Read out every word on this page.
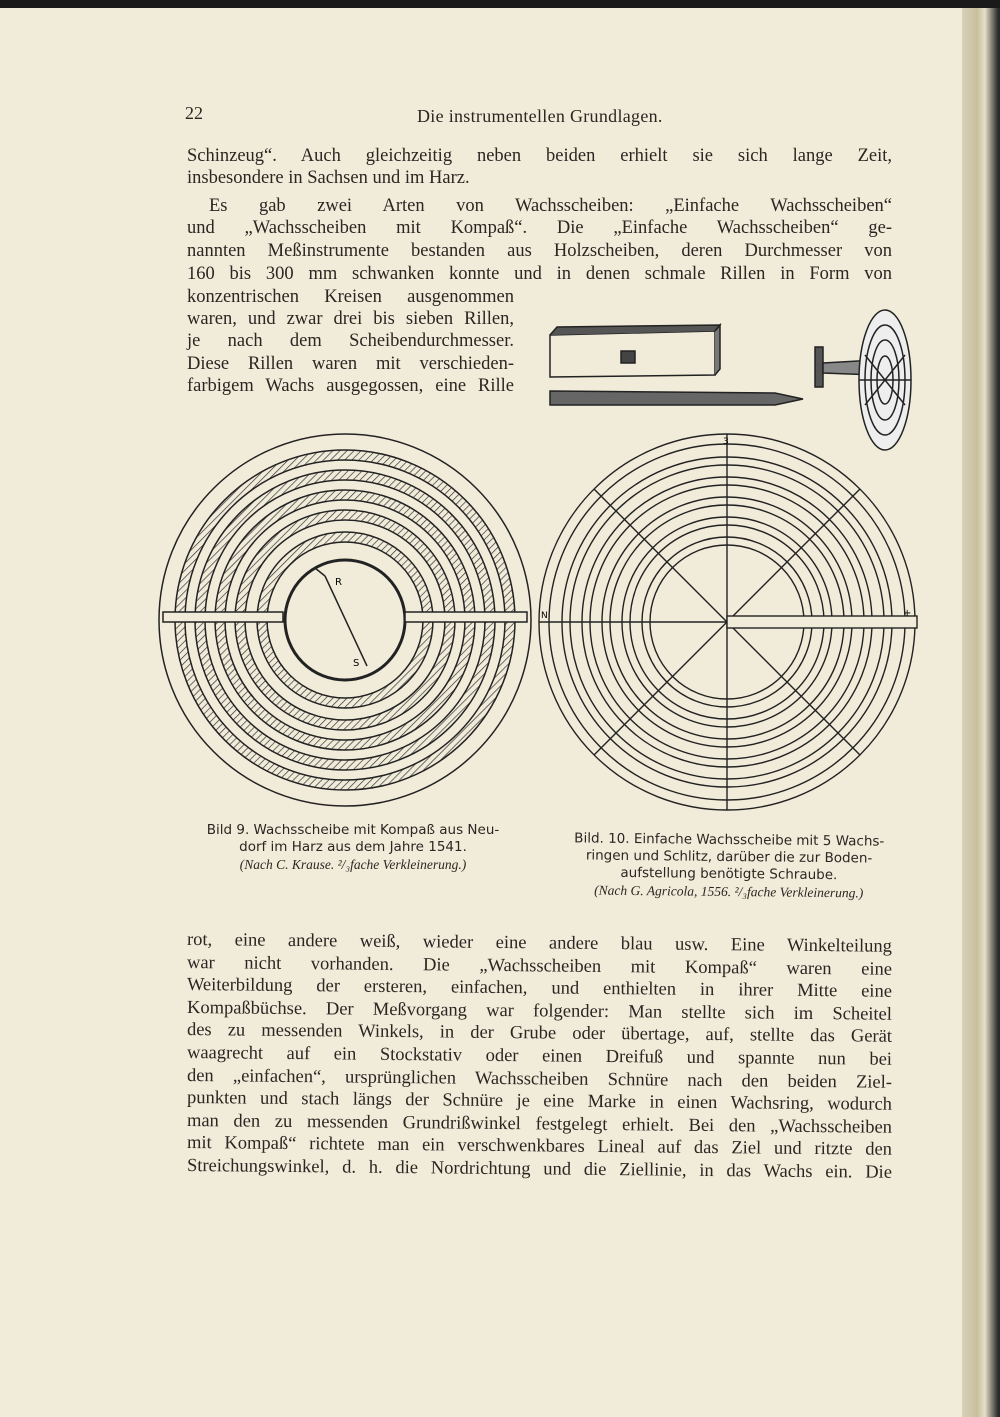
22	Die instrumentellen Grundlagen.
Schinzeug“. Auch gleichzeitig neben beiden erhielt sie sich lange Zeit,
insbesondere in Sachsen und im Harz.
Es gab zwei Arten von Wachsscheiben: „Einfache Wachsscheiben“
und „Wachsscheiben mit Kompaß“. Die „Einfache Wachsscheiben“ ge-
nannten Meßinstrumente bestanden aus Holzscheiben, deren Durchmesser von
160 bis 300 mm schwanken konnte und in denen schmale Rillen in Form von
konzentrischen Kreisen ausgenommen
waren, und zwar drei bis sieben Rillen,
je nach dem Scheibendurchmesser.
Diese Rillen waren mit verschieden-
farbigem Wachs ausgegossen, eine Rille
rot, eine andere weiß, wieder eine andere blau usw. Eine Winkelteilung
war nicht vorhanden. Die „Wachsscheiben mit Kompaß“ waren eine
Weiterbildung der ersteren, einfachen, und enthielten in ihrer Mitte eine
Kompaßbüchse. Der Meßvorgang war folgender: Man stellte sich im Scheitel
des zu messenden Winkels, in der Grube oder übertage, auf, stellte das Gerät
waagrecht auf ein Stockstativ oder einen Dreifuß und spannte nun bei
den „einfachen“, ursprünglichen Wachsscheiben Schnüre nach den beiden Ziel-
punkten und stach längs der Schnüre je eine Marke in einen Wachsring, wodurch
man den zu messenden Grundrißwinkel festgelegt erhielt. Bei den „Wachsscheiben
mit Kompaß“ richtete man ein verschwenkbares Lineal auf das Ziel und ritzte den
Streichungswinkel, d. h. die Nordrichtung und die Ziellinie, in das Wachs ein. Die
R
S
3
N	+
Bild 9. Wachsscheibe mit Kompaß aus Neu-
dorf im Harz aus dem Jahre 1541.
(Nach C. Krause. ²/₃fache Verkleinerung.)
Bild. 10. Einfache Wachsscheibe mit 5 Wachs-
ringen und Schlitz, darüber die zur Boden-
aufstellung benötigte Schraube.
(Nach G. Agricola, 1556. ²/₃fache Verkleinerung.)
